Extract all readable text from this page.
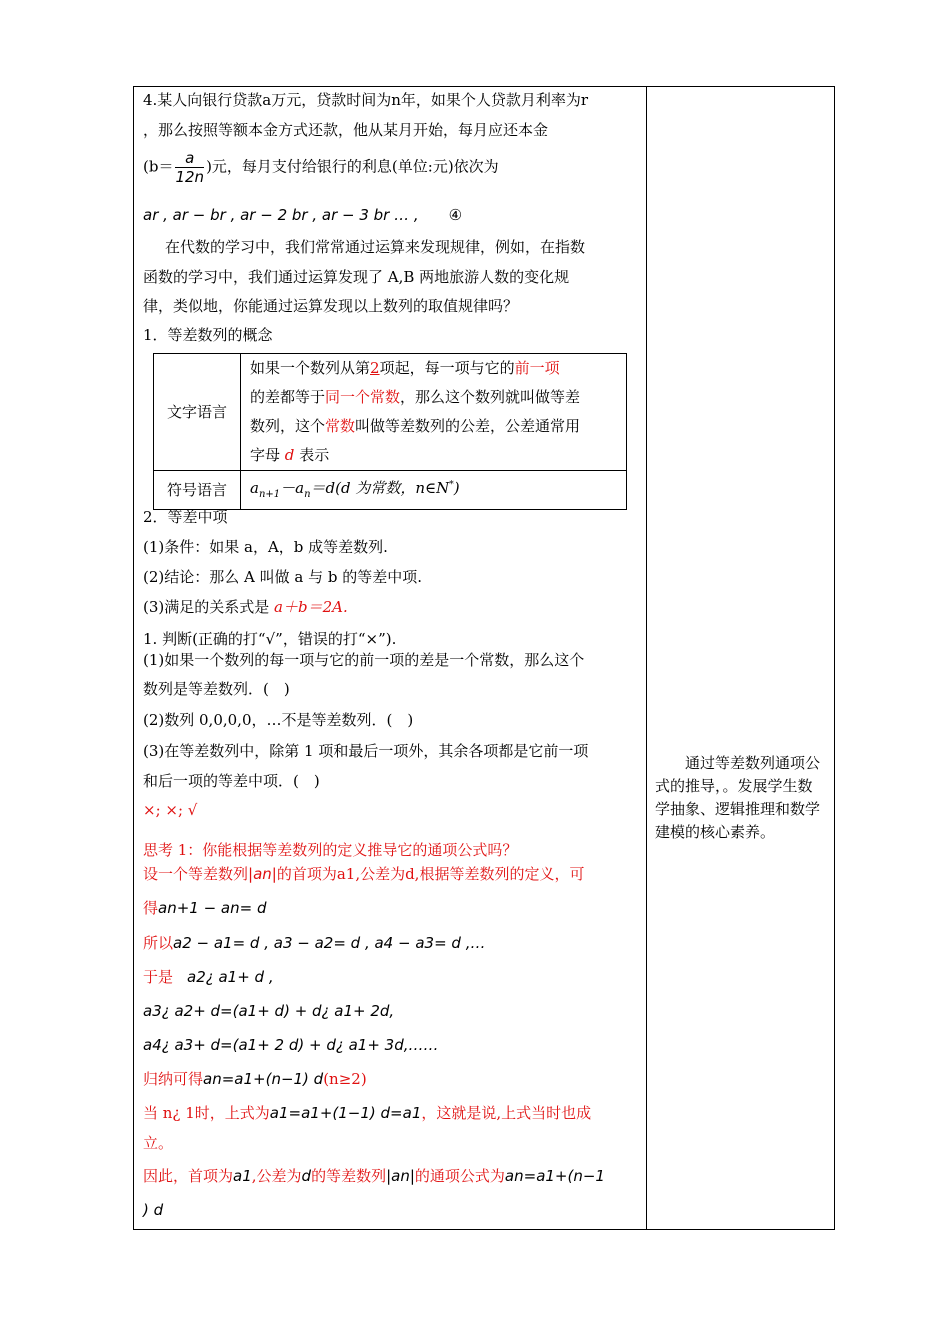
4.某人向银行贷款a万元，贷款时间为n年，如果个人贷款月利率为r
，那么按照等额本金方式还款，他从某月开始，每月应还本金
($b= \frac{a}{12n}$ )元，每月支付给银行的利息(单位:元)依次为
ar , ar − br , ar − 2 br , ar − 3 br … , ④
在代数的学习中，我们常常通过运算来发现规律，例如，在指数
函数的学习中，我们通过运算发现了 A,B 两地旅游人数的变化规
律，类似地，你能通过运算发现以上数列的取值规律吗？
1．等差数列的概念
文字语言	如果一个数列从第2项起，每一项与它的前一项
的差都等于同一个常数，那么这个数列就叫做等差
数列，这个常数叫做等差数列的公差，公差通常用
字母 d 表示
符号语言	$a_{n+1}-a_n=d(d$ 为常数，n∈N*)
2．等差中项
(1)条件：如果 a，A，b 成等差数列.
(2)结论：那么 A 叫做 a 与 b 的等差中项.
(3)满足的关系式是 a＋b＝2A.
1. 判断(正确的打“√”，错误的打“×”).
(1)如果一个数列的每一项与它的前一项的差是一个常数，那么这个
数列是等差数列．(　)
(2)数列 0,0,0,0，…不是等差数列．(　)
(3)在等差数列中，除第 1 项和最后一项外，其余各项都是它前一项
和后一项的等差中项．(　)
×; ×; √
思考 1：你能根据等差数列的定义推导它的通项公式吗？
设一个等差数列|an|的首项为a1,公差为d,根据等差数列的定义，可
得an+1 − an= d
所以a2 − a1= d , a3 − a2= d , a4 − a3= d ,…
于是 a2¿ a1+ d ,
a3¿ a2+ d=(a1+ d) + d¿ a1+ 2d,
a4¿ a3+ d=(a1+ 2 d) + d¿ a1+ 3d,……
归纳可得an=a1+(n−1) d(n≥2)
当 n¿ 1时，上式为a1=a1+(1−1) d=a1，这就是说,上式当时也成
立。
因此，首项为a1,公差为d的等差数列|an|的通项公式为an=a1+(n−1
) d
通过等差数列通项公式的推导，。发展学生数学抽象、逻辑推理和数学建模的核心素养。
